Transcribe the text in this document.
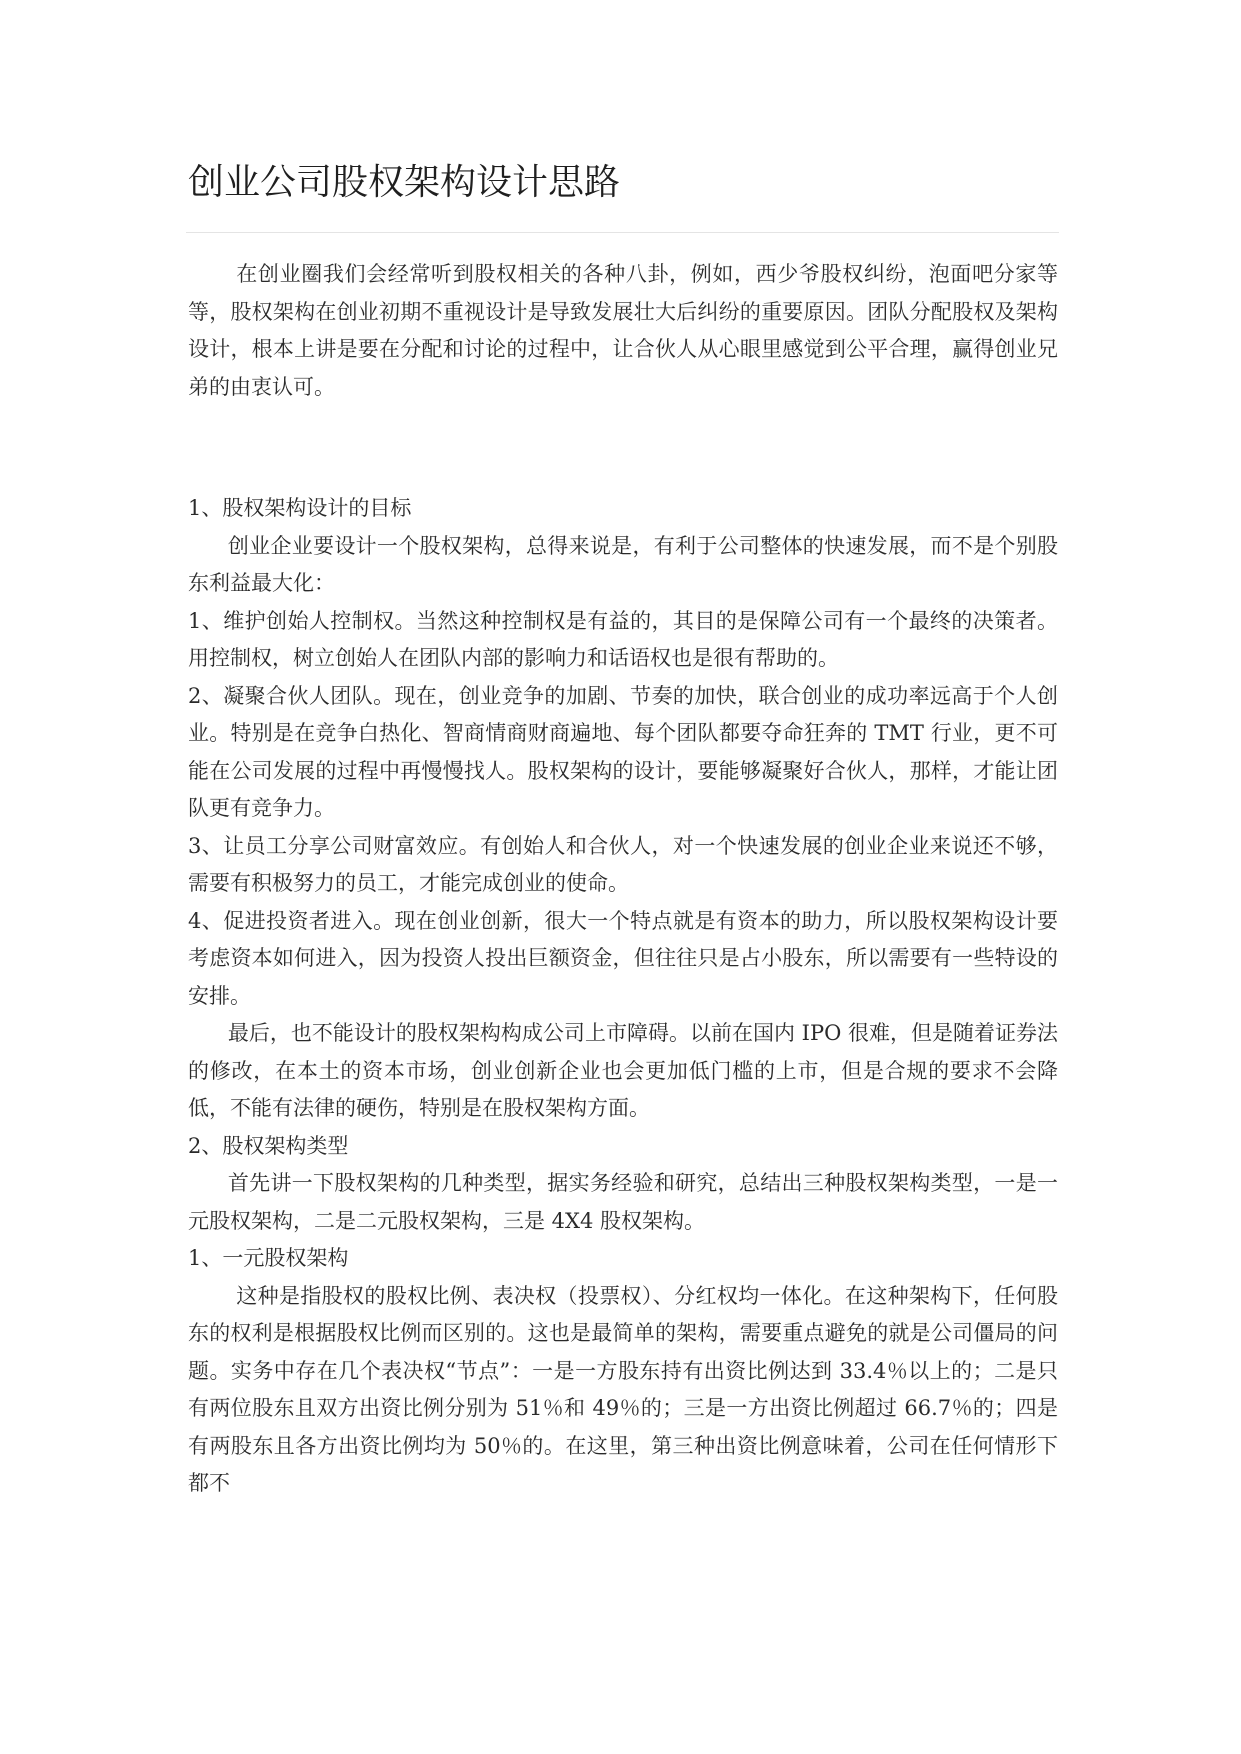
创业公司股权架构设计思路

在创业圈我们会经常听到股权相关的各种八卦，例如，西少爷股权纠纷，泡面吧分家等等，股权架构在创业初期不重视设计是导致发展壮大后纠纷的重要原因。团队分配股权及架构设计，根本上讲是要在分配和讨论的过程中，让合伙人从心眼里感觉到公平合理，赢得创业兄弟的由衷认可。

1、股权架构设计的目标

创业企业要设计一个股权架构，总得来说是，有利于公司整体的快速发展，而不是个别股东利益最大化：

1、维护创始人控制权。当然这种控制权是有益的，其目的是保障公司有一个最终的决策者。用控制权，树立创始人在团队内部的影响力和话语权也是很有帮助的。

2、凝聚合伙人团队。现在，创业竞争的加剧、节奏的加快，联合创业的成功率远高于个人创业。特别是在竞争白热化、智商情商财商遍地、每个团队都要夺命狂奔的 TMT 行业，更不可能在公司发展的过程中再慢慢找人。股权架构的设计，要能够凝聚好合伙人，那样，才能让团队更有竞争力。

3、让员工分享公司财富效应。有创始人和合伙人，对一个快速发展的创业企业来说还不够，需要有积极努力的员工，才能完成创业的使命。

4、促进投资者进入。现在创业创新，很大一个特点就是有资本的助力，所以股权架构设计要考虑资本如何进入，因为投资人投出巨额资金，但往往只是占小股东，所以需要有一些特设的安排。

最后，也不能设计的股权架构构成公司上市障碍。以前在国内 IPO 很难，但是随着证券法的修改，在本土的资本市场，创业创新企业也会更加低门槛的上市，但是合规的要求不会降低，不能有法律的硬伤，特别是在股权架构方面。

2、股权架构类型

首先讲一下股权架构的几种类型，据实务经验和研究，总结出三种股权架构类型，一是一元股权架构，二是二元股权架构，三是 4X4 股权架构。

1、一元股权架构

这种是指股权的股权比例、表决权（投票权）、分红权均一体化。在这种架构下，任何股东的权利是根据股权比例而区别的。这也是最简单的架构，需要重点避免的就是公司僵局的问题。实务中存在几个表决权“节点”：一是一方股东持有出资比例达到 33.4％以上的；二是只有两位股东且双方出资比例分别为 51％和 49％的；三是一方出资比例超过 66.7％的；四是有两股东且各方出资比例均为 50％的。在这里，第三种出资比例意味着，公司在任何情形下都不
